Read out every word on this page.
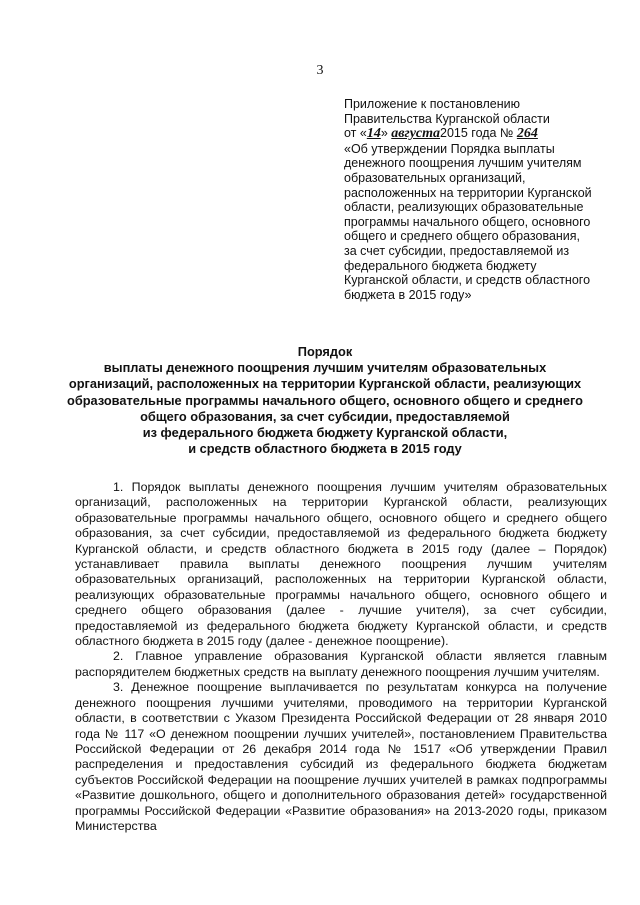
3
Приложение к постановлению
Правительства Курганской области
от «14» августа2015 года № 264
«Об утверждении Порядка выплаты
денежного поощрения лучшим учителям
образовательных организаций,
расположенных на территории Курганской
области, реализующих образовательные
программы начального общего, основного
общего и среднего общего образования,
за счет субсидии, предоставляемой из
федерального бюджета бюджету
Курганской области, и средств областного
бюджета в 2015 году»
Порядок
выплаты денежного поощрения лучшим учителям образовательных
организаций, расположенных на территории Курганской области, реализующих
образовательные программы начального общего, основного общего и среднего
общего образования, за счет субсидии, предоставляемой
из федерального бюджета бюджету Курганской области,
и средств областного бюджета в 2015 году

1. Порядок выплаты денежного поощрения лучшим учителям образовательных организаций, расположенных на территории Курганской области, реализующих образовательные программы начального общего, основного общего и среднего общего образования, за счет субсидии, предоставляемой из федерального бюджета бюджету Курганской области, и средств областного бюджета в 2015 году (далее – Порядок) устанавливает правила выплаты денежного поощрения лучшим учителям образовательных организаций, расположенных на территории Курганской области, реализующих образовательные программы начального общего, основного общего и среднего общего образования (далее - лучшие учителя), за счет субсидии, предоставляемой из федерального бюджета бюджету Курганской области, и средств областного бюджета в 2015 году (далее - денежное поощрение).

2. Главное управление образования Курганской области является главным распорядителем бюджетных средств на выплату денежного поощрения лучшим учителям.

3. Денежное поощрение выплачивается по результатам конкурса на получение денежного поощрения лучшими учителями, проводимого на территории Курганской области, в соответствии с Указом Президента Российской Федерации от 28 января 2010 года № 117 «О денежном поощрении лучших учителей», постановлением Правительства Российской Федерации от 26 декабря 2014 года № 1517 «Об утверждении Правил распределения и предоставления субсидий из федерального бюджета бюджетам субъектов Российской Федерации на поощрение лучших учителей в рамках подпрограммы «Развитие дошкольного, общего и дополнительного образования детей» государственной программы Российской Федерации «Развитие образования» на 2013-2020 годы, приказом Министерства
